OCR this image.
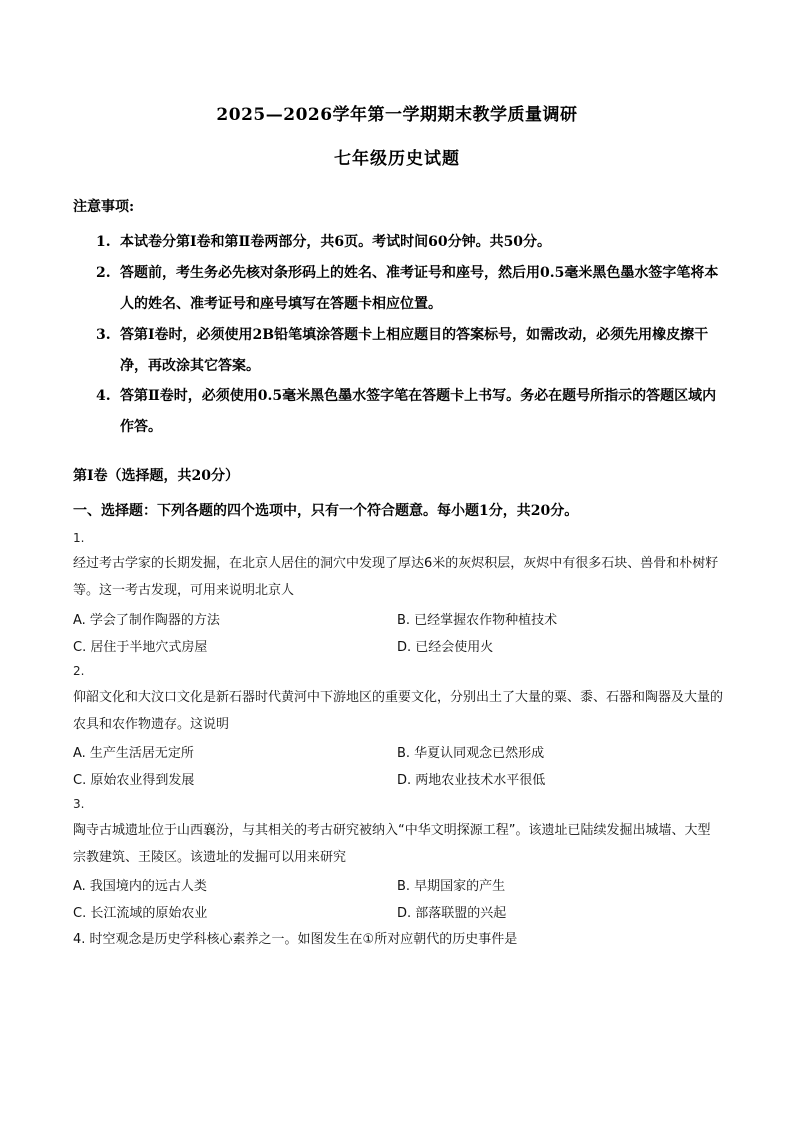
2025—2026学年第一学期期末教学质量调研
七年级历史试题
注意事项:
1. 本试卷分第Ⅰ卷和第Ⅱ卷两部分，共6页。考试时间60分钟。共50分。
2. 答题前，考生务必先核对条形码上的姓名、准考证号和座号，然后用0.5毫米黑色墨水签字笔将本人的姓名、准考证号和座号填写在答题卡相应位置。
3. 答第Ⅰ卷时，必须使用2B铅笔填涂答题卡上相应题目的答案标号，如需改动，必须先用橡皮擦干净，再改涂其它答案。
4. 答第Ⅱ卷时，必须使用0.5毫米黑色墨水签字笔在答题卡上书写。务必在题号所指示的答题区域内作答。
第Ⅰ卷（选择题，共20分）
一、选择题：下列各题的四个选项中，只有一个符合题意。每小题1分，共20分。
1.
经过考古学家的长期发掘，在北京人居住的洞穴中发现了厚达6米的灰烬积层，灰烬中有很多石块、兽骨和朴树籽等。这一考古发现，可用来说明北京人
A. 学会了制作陶器的方法	B. 已经掌握农作物种植技术
C. 居住于半地穴式房屋	D. 已经会使用火
2.
仰韶文化和大汶口文化是新石器时代黄河中下游地区的重要文化，分别出土了大量的粟、黍、石器和陶器及大量的农具和农作物遗存。这说明
A. 生产生活居无定所	B. 华夏认同观念已然形成
C. 原始农业得到发展	D. 两地农业技术水平很低
3.
陶寺古城遗址位于山西襄汾，与其相关的考古研究被纳入“中华文明探源工程”。该遗址已陆续发掘出城墙、大型宗教建筑、王陵区。该遗址的发掘可以用来研究
A. 我国境内的远古人类	B. 早期国家的产生
C. 长江流域的原始农业	D. 部落联盟的兴起
4. 时空观念是历史学科核心素养之一。如图发生在①所对应朝代的历史事件是
